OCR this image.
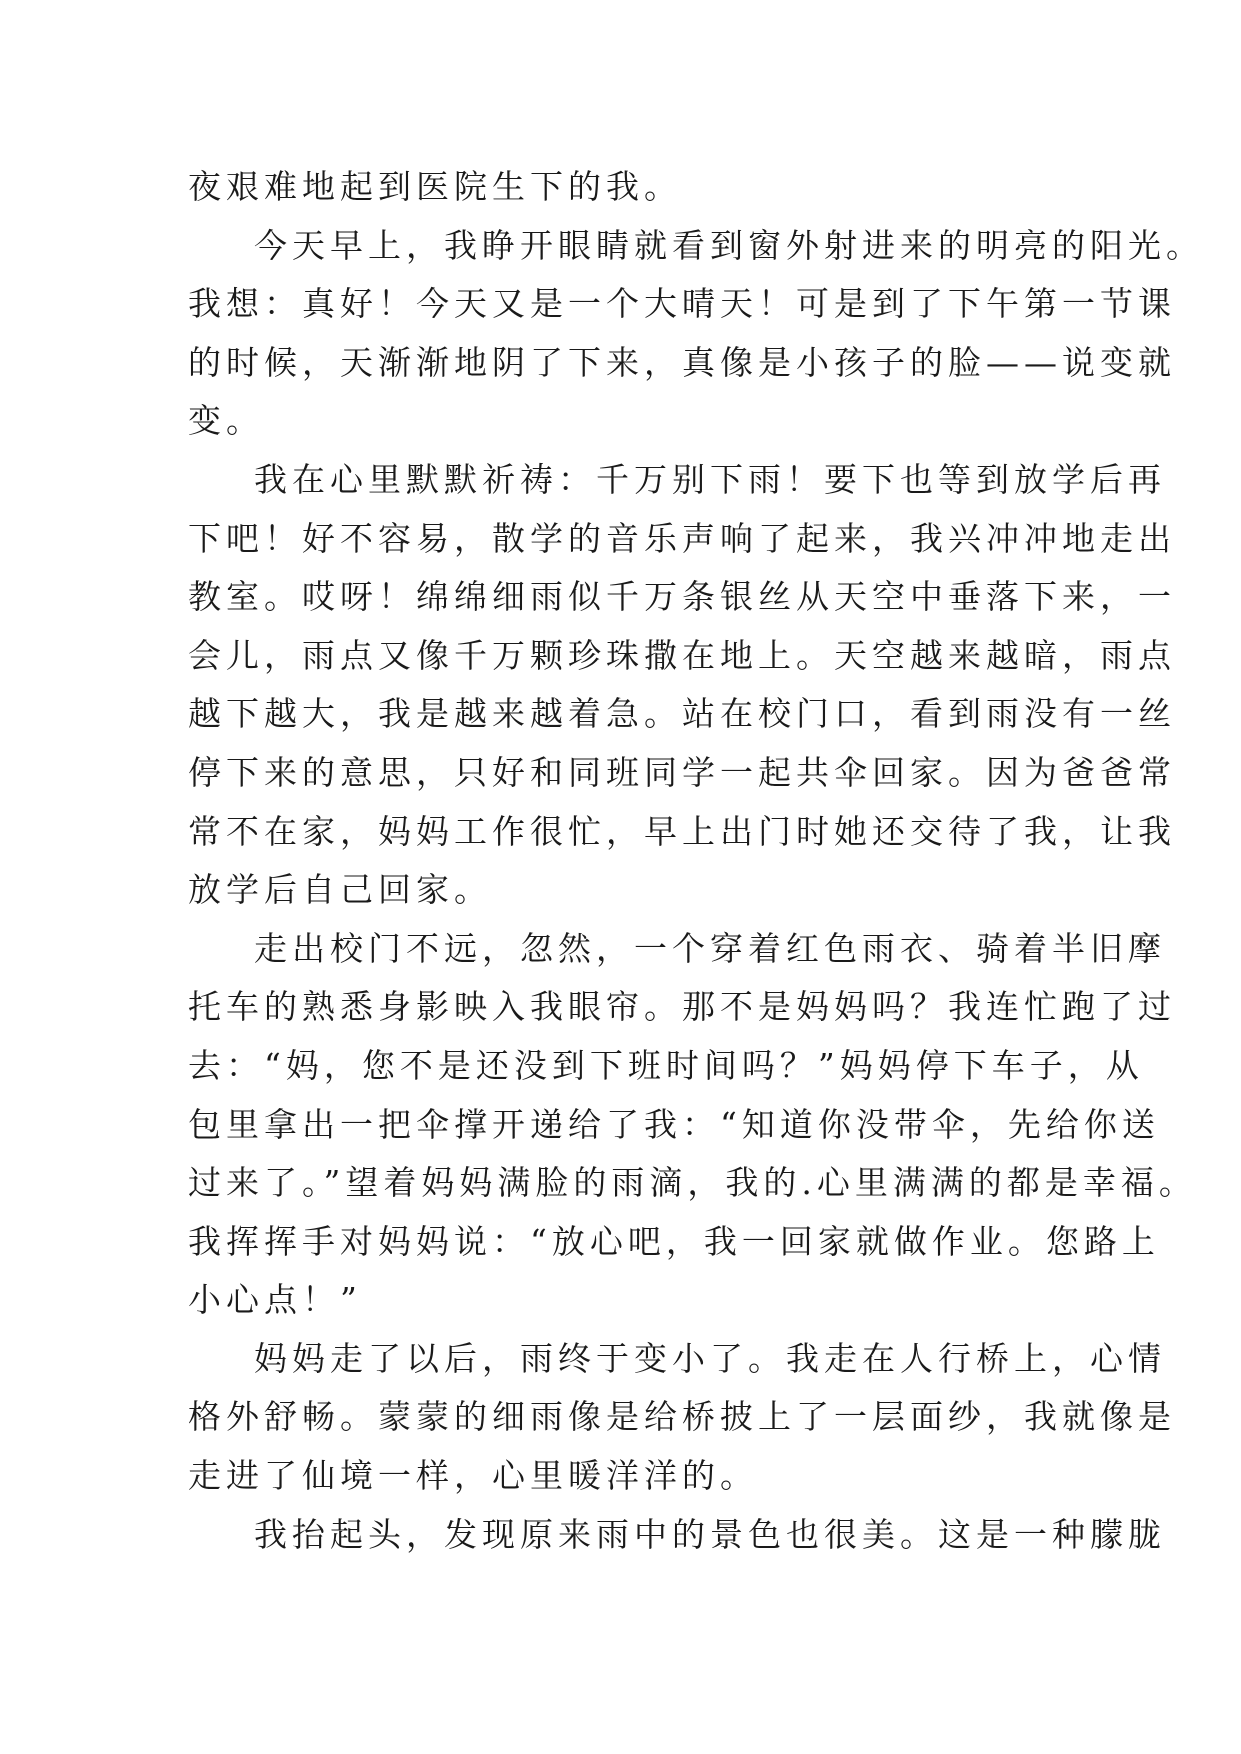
夜艰难地起到医院生下的我。
今天早上，我睁开眼睛就看到窗外射进来的明亮的阳光。
我想：真好！今天又是一个大晴天！可是到了下午第一节课
的时候，天渐渐地阴了下来，真像是小孩子的脸——说变就
变。
我在心里默默祈祷：千万别下雨！要下也等到放学后再
下吧！好不容易，散学的音乐声响了起来，我兴冲冲地走出
教室。哎呀！绵绵细雨似千万条银丝从天空中垂落下来，一
会儿，雨点又像千万颗珍珠撒在地上。天空越来越暗，雨点
越下越大，我是越来越着急。站在校门口，看到雨没有一丝
停下来的意思，只好和同班同学一起共伞回家。因为爸爸常
常不在家，妈妈工作很忙，早上出门时她还交待了我，让我
放学后自己回家。
走出校门不远，忽然，一个穿着红色雨衣、骑着半旧摩
托车的熟悉身影映入我眼帘。那不是妈妈吗？我连忙跑了过
去：“妈，您不是还没到下班时间吗？”妈妈停下车子，从
包里拿出一把伞撑开递给了我：“知道你没带伞，先给你送
过来了。”望着妈妈满脸的雨滴，我的.心里满满的都是幸福。
我挥挥手对妈妈说：“放心吧，我一回家就做作业。您路上
小心点！”
妈妈走了以后，雨终于变小了。我走在人行桥上，心情
格外舒畅。蒙蒙的细雨像是给桥披上了一层面纱，我就像是
走进了仙境一样，心里暖洋洋的。
我抬起头，发现原来雨中的景色也很美。这是一种朦胧
